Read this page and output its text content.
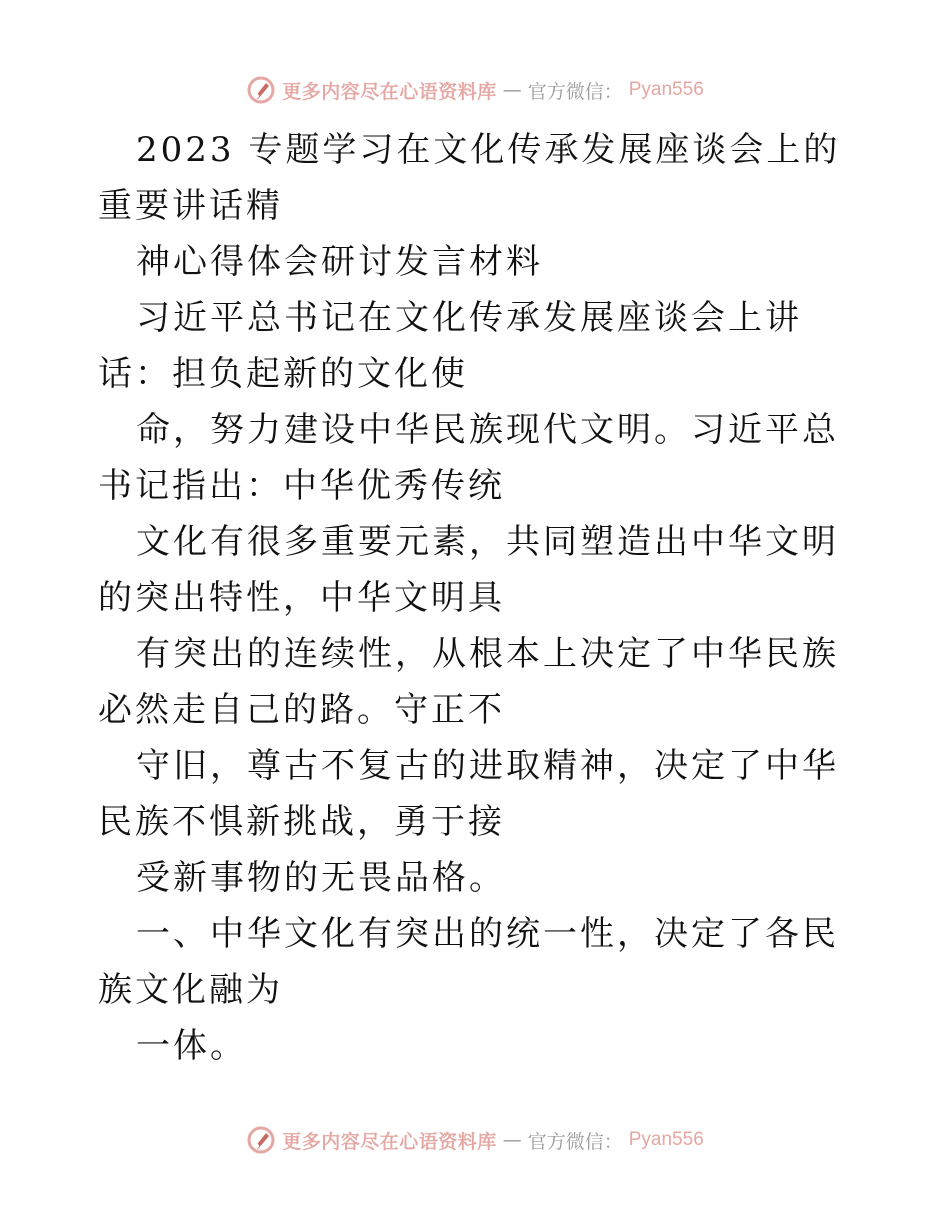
更多内容尽在心语资料库 — 官方微信： Pyan556

2023 专题学习在文化传承发展座谈会上的重要讲话精

神心得体会研讨发言材料

习近平总书记在文化传承发展座谈会上讲话：担负起新的文化使

命，努力建设中华民族现代文明。习近平总书记指出：中华优秀传统

文化有很多重要元素，共同塑造出中华文明的突出特性，中华文明具

有突出的连续性，从根本上决定了中华民族必然走自己的路。守正不

守旧，尊古不复古的进取精神，决定了中华民族不惧新挑战，勇于接

受新事物的无畏品格。

一、中华文化有突出的统一性，决定了各民族文化融为

一体。

更多内容尽在心语资料库 — 官方微信： Pyan556
